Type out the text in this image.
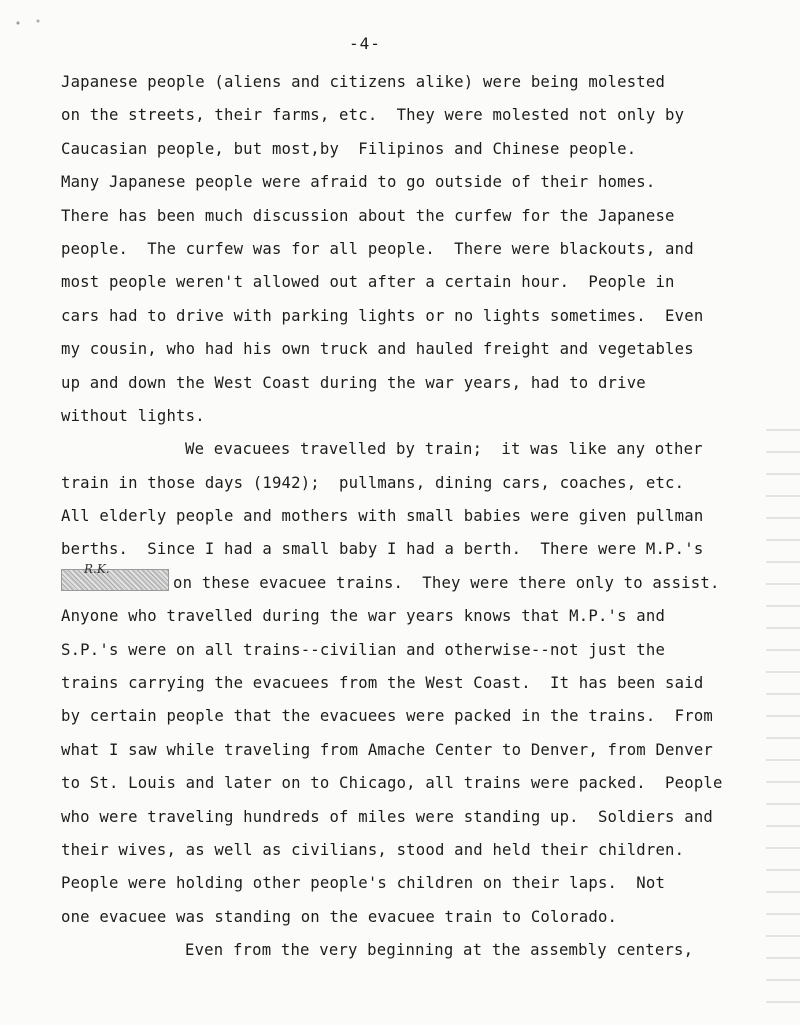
-4-
Japanese people (aliens and citizens alike) were being molested
on the streets, their farms, etc.  They were molested not only by
Caucasian people, but most,by  Filipinos and Chinese people.
Many Japanese people were afraid to go outside of their homes.
There has been much discussion about the curfew for the Japanese
people.  The curfew was for all people.  There were blackouts, and
most people weren't allowed out after a certain hour.  People in
cars had to drive with parking lights or no lights sometimes.  Even
my cousin, who had his own truck and hauled freight and vegetables
up and down the West Coast during the war years, had to drive
without lights.
We evacuees travelled by train;  it was like any other
train in those days (1942);  pullmans, dining cars, coaches, etc.
All elderly people and mothers with small babies were given pullman
berths.  Since I had a small baby I had a berth.  There were M.P.'s
R.K.
on these evacuee trains.  They were there only to assist.
Anyone who travelled during the war years knows that M.P.'s and
S.P.'s were on all trains--civilian and otherwise--not just the
trains carrying the evacuees from the West Coast.  It has been said
by certain people that the evacuees were packed in the trains.  From
what I saw while traveling from Amache Center to Denver, from Denver
to St. Louis and later on to Chicago, all trains were packed.  People
who were traveling hundreds of miles were standing up.  Soldiers and
their wives, as well as civilians, stood and held their children.
People were holding other people's children on their laps.  Not
one evacuee was standing on the evacuee train to Colorado.
Even from the very beginning at the assembly centers,
